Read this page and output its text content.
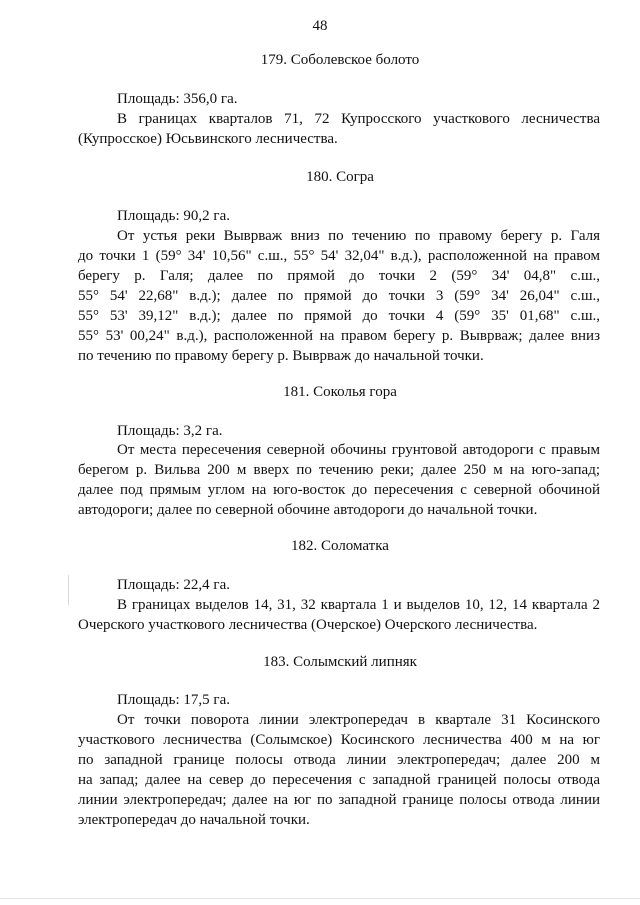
48
179. Соболевское болото
Площадь: 356,0 га.
В границах кварталов 71, 72 Купросского участкового лесничества
(Купросское) Юсьвинского лесничества.
180. Согра
Площадь: 90,2 га.
От устья реки Выврваж вниз по течению по правому берегу р. Галя
до точки 1 (59° 34' 10,56" с.ш., 55° 54' 32,04" в.д.), расположенной на правом
берегу р. Галя; далее по прямой до точки 2 (59° 34' 04,8" с.ш.,
55° 54' 22,68" в.д.); далее по прямой до точки 3 (59° 34' 26,04" с.ш.,
55° 53' 39,12" в.д.); далее по прямой до точки 4 (59° 35' 01,68" с.ш.,
55° 53' 00,24" в.д.), расположенной на правом берегу р. Выврваж; далее вниз
по течению по правому берегу р. Выврваж до начальной точки.
181. Соколья гора
Площадь: 3,2 га.
От места пересечения северной обочины грунтовой автодороги с правым
берегом р. Вильва 200 м вверх по течению реки; далее 250 м на юго-запад;
далее под прямым углом на юго-восток до пересечения с северной обочиной
автодороги; далее по северной обочине автодороги до начальной точки.
182. Соломатка
Площадь: 22,4 га.
В границах выделов 14, 31, 32 квартала 1 и выделов 10, 12, 14 квартала 2
Очерского участкового лесничества (Очерское) Очерского лесничества.
183. Солымский липняк
Площадь: 17,5 га.
От точки поворота линии электропередач в квартале 31 Косинского
участкового лесничества (Солымское) Косинского лесничества 400 м на юг
по западной границе полосы отвода линии электропередач; далее 200 м
на запад; далее на север до пересечения с западной границей полосы отвода
линии электропередач; далее на юг по западной границе полосы отвода линии
электропередач до начальной точки.
